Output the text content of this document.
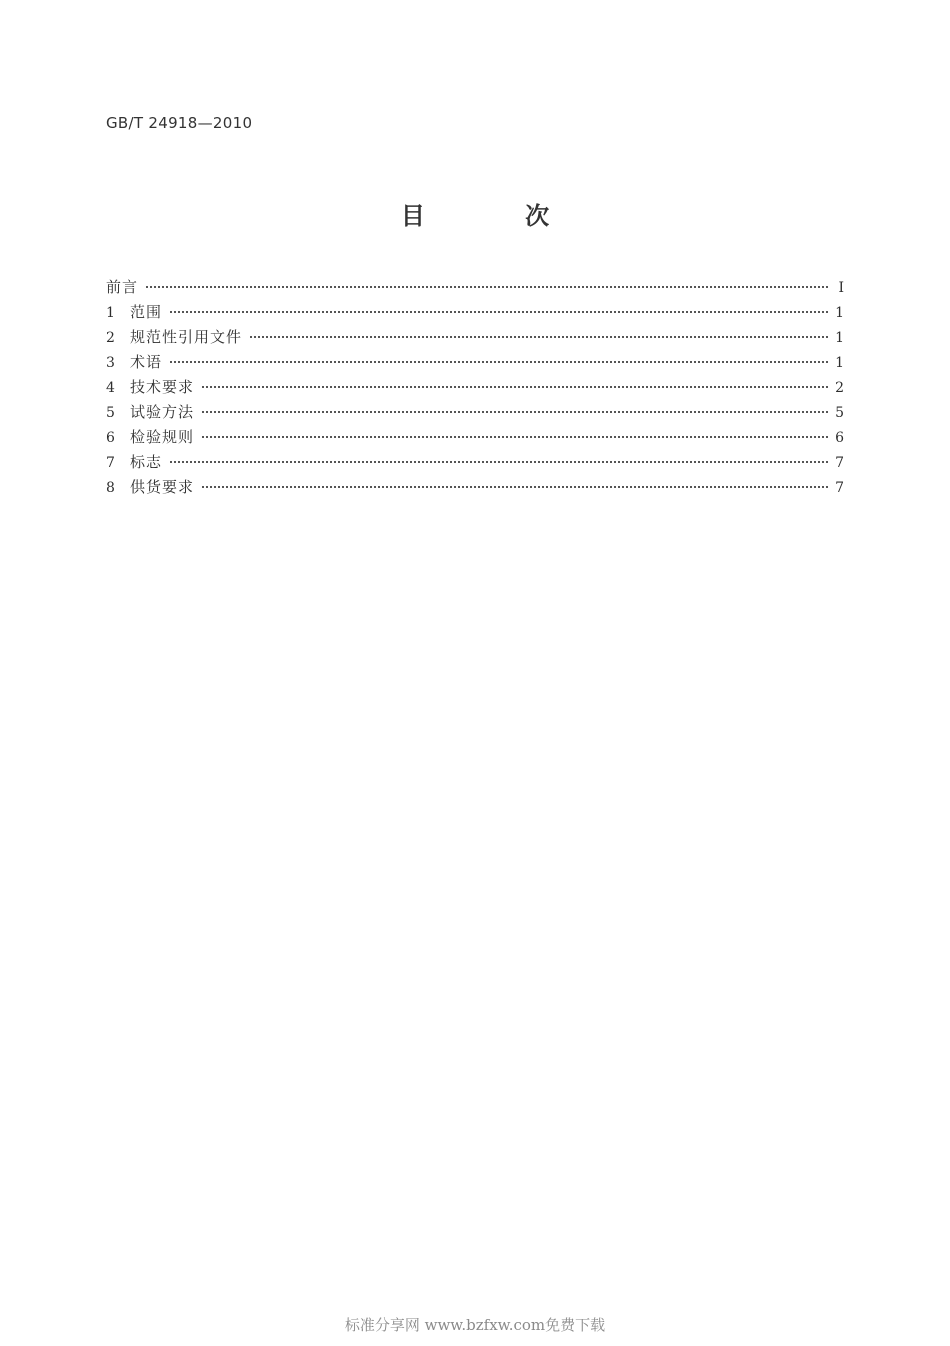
GB/T 24918—2010
目 次
前言	Ⅰ
1	范围	1
2	规范性引用文件	1
3	术语	1
4	技术要求	2
5	试验方法	5
6	检验规则	6
7	标志	7
8	供货要求	7
标准分享网 www.bzfxw.com免费下载
